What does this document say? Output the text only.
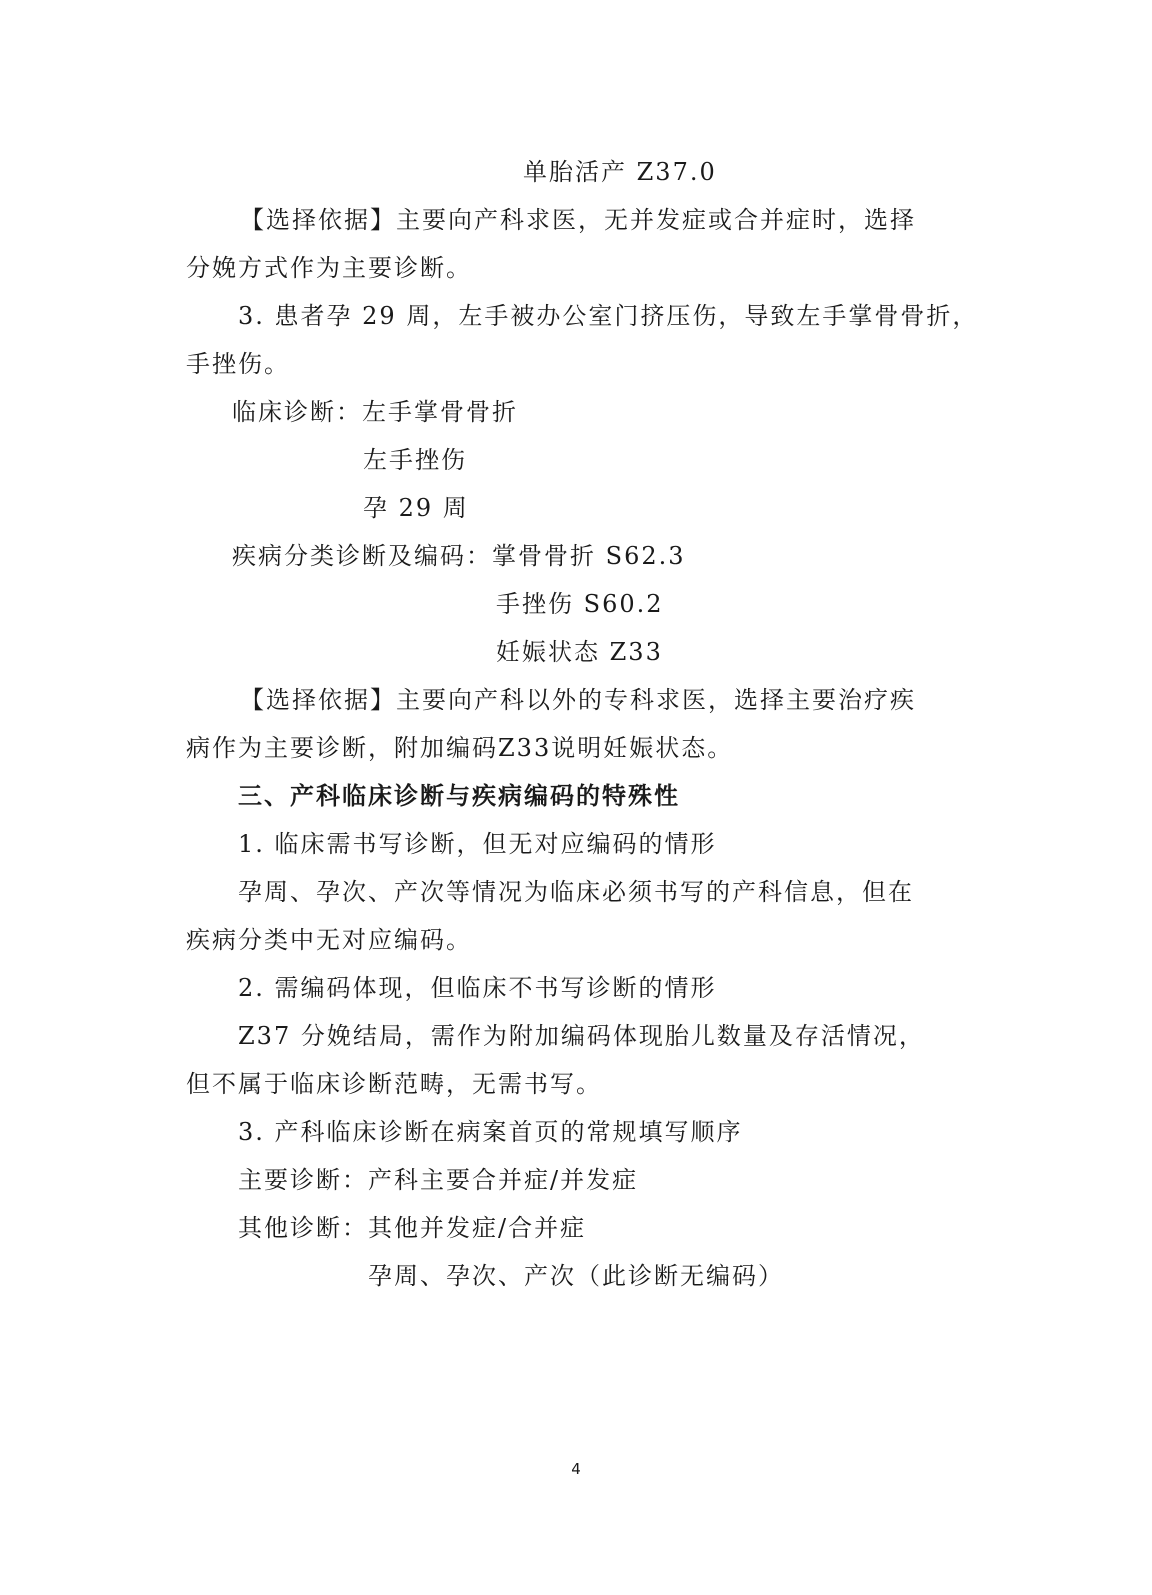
单胎活产 Z37.0
【选择依据】主要向产科求医，无并发症或合并症时，选择
分娩方式作为主要诊断。
3. 患者孕 29 周，左手被办公室门挤压伤，导致左手掌骨骨折，
手挫伤。
临床诊断：左手掌骨骨折
左手挫伤
孕 29 周
疾病分类诊断及编码：掌骨骨折 S62.3
手挫伤 S60.2
妊娠状态 Z33
【选择依据】主要向产科以外的专科求医，选择主要治疗疾
病作为主要诊断，附加编码Z33说明妊娠状态。
三、产科临床诊断与疾病编码的特殊性
1. 临床需书写诊断，但无对应编码的情形
孕周、孕次、产次等情况为临床必须书写的产科信息，但在
疾病分类中无对应编码。
2. 需编码体现，但临床不书写诊断的情形
Z37 分娩结局，需作为附加编码体现胎儿数量及存活情况，
但不属于临床诊断范畴，无需书写。
3. 产科临床诊断在病案首页的常规填写顺序
主要诊断：产科主要合并症/并发症
其他诊断：其他并发症/合并症
孕周、孕次、产次（此诊断无编码）
4
